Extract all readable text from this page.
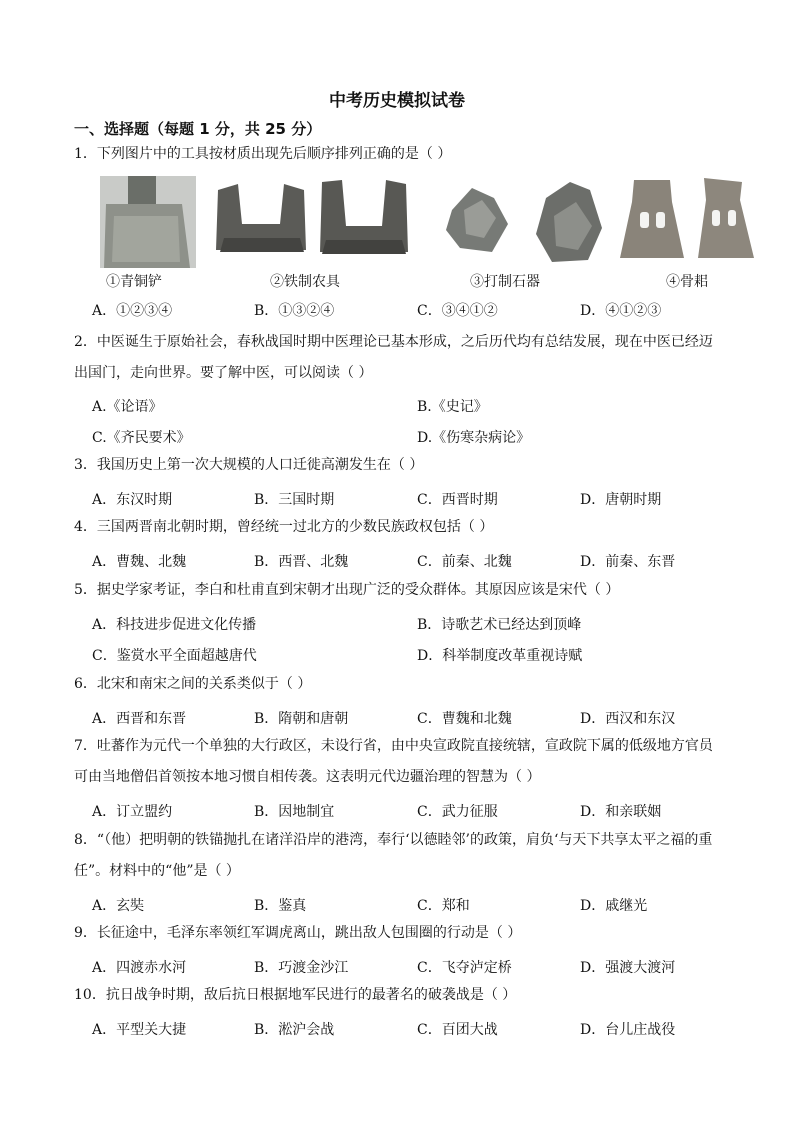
中考历史模拟试卷
一、选择题（每题 1 分，共 25 分）
1．下列图片中的工具按材质出现先后顺序排列正确的是（ ）
①青铜铲	②铁制农具	③打制石器	④骨耜
A．①②③④	B．①③②④	C．③④①②	D．④①②③
2．中医诞生于原始社会，春秋战国时期中医理论已基本形成，之后历代均有总结发展，现在中医已经迈
出国门，走向世界。要了解中医，可以阅读（ ）
A.《论语》	B.《史记》
C.《齐民要术》	D.《伤寒杂病论》
3．我国历史上第一次大规模的人口迁徙高潮发生在（ ）
A．东汉时期	B．三国时期	C．西晋时期	D．唐朝时期
4．三国两晋南北朝时期，曾经统一过北方的少数民族政权包括（ ）
A．曹魏、北魏	B．西晋、北魏	C．前秦、北魏	D．前秦、东晋
5．据史学家考证，李白和杜甫直到宋朝才出现广泛的受众群体。其原因应该是宋代（ ）
A．科技进步促进文化传播	B．诗歌艺术已经达到顶峰
C．鉴赏水平全面超越唐代	D．科举制度改革重视诗赋
6．北宋和南宋之间的关系类似于（ ）
A．西晋和东晋	B．隋朝和唐朝	C．曹魏和北魏	D．西汉和东汉
7．吐蕃作为元代一个单独的大行政区，未设行省，由中央宣政院直接统辖，宣政院下属的低级地方官员
可由当地僧侣首领按本地习惯自相传袭。这表明元代边疆治理的智慧为（ ）
A．订立盟约	B．因地制宜	C．武力征服	D．和亲联姻
8．“（他）把明朝的铁锚抛扎在诸洋沿岸的港湾，奉行‘以德睦邻’的政策，肩负‘与天下共享太平之福的重
任”。材料中的“他”是（ ）
A．玄奘	B．鉴真	C．郑和	D．戚继光
9．长征途中，毛泽东率领红军调虎离山，跳出敌人包围圈的行动是（ ）
A．四渡赤水河	B．巧渡金沙江	C．飞夺泸定桥	D．强渡大渡河
10．抗日战争时期，敌后抗日根据地军民进行的最著名的破袭战是（ ）
A．平型关大捷	B．淞沪会战	C．百团大战	D．台儿庄战役
